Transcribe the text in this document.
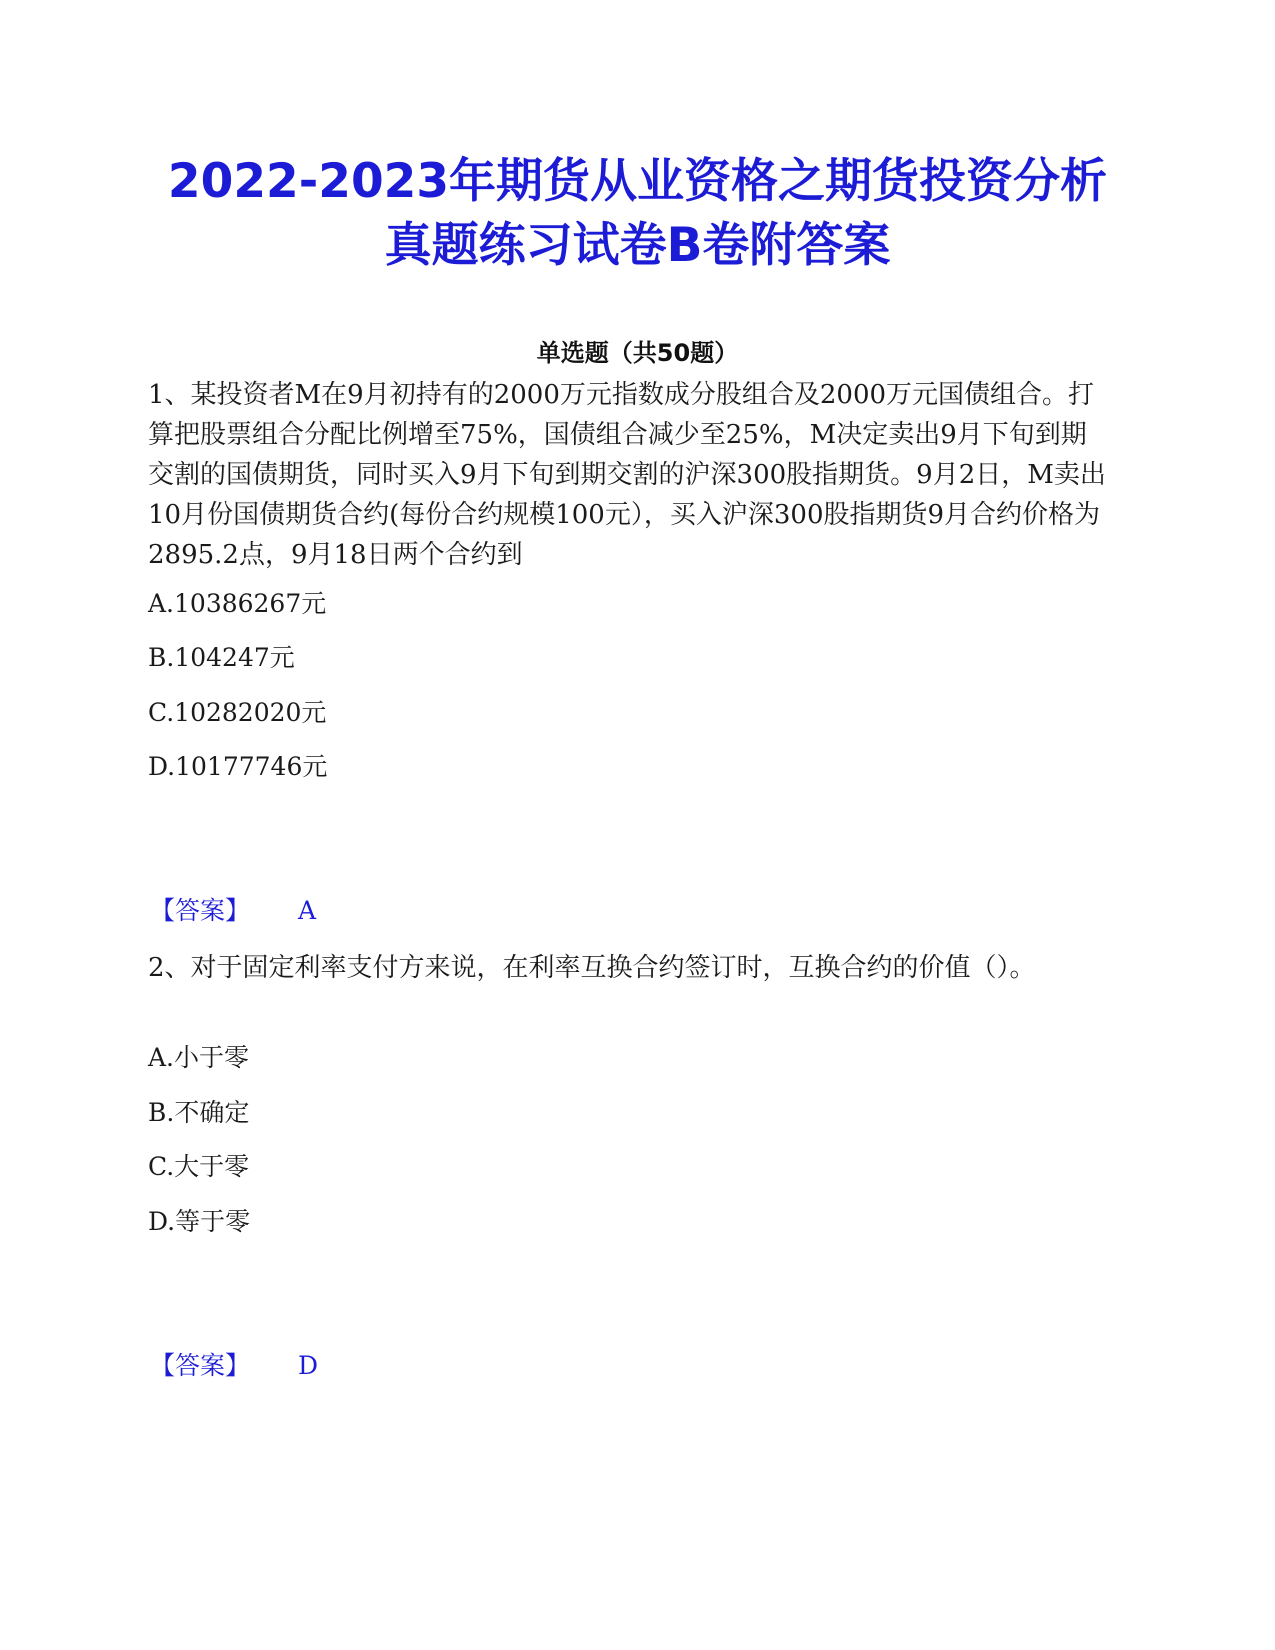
2022-2023年期货从业资格之期货投资分析
真题练习试卷B卷附答案
单选题（共50题）

1、某投资者M在9月初持有的2000万元指数成分股组合及2000万元国债组合。打算把股票组合分配比例增至75%，国债组合减少至25%，M决定卖出9月下旬到期交割的国债期货，同时买入9月下旬到期交割的沪深300股指期货。9月2日，M卖出10月份国债期货合约(每份合约规模100元），买入沪深300股指期货9月合约价格为2895.2点，9月18日两个合约到

A.10386267元
B.104247元
C.10282020元
D.10177746元
【答案】 A

2、对于固定利率支付方来说，在利率互换合约签订时，互换合约的价值（）。

A.小于零
B.不确定
C.大于零
D.等于零
【答案】 D
